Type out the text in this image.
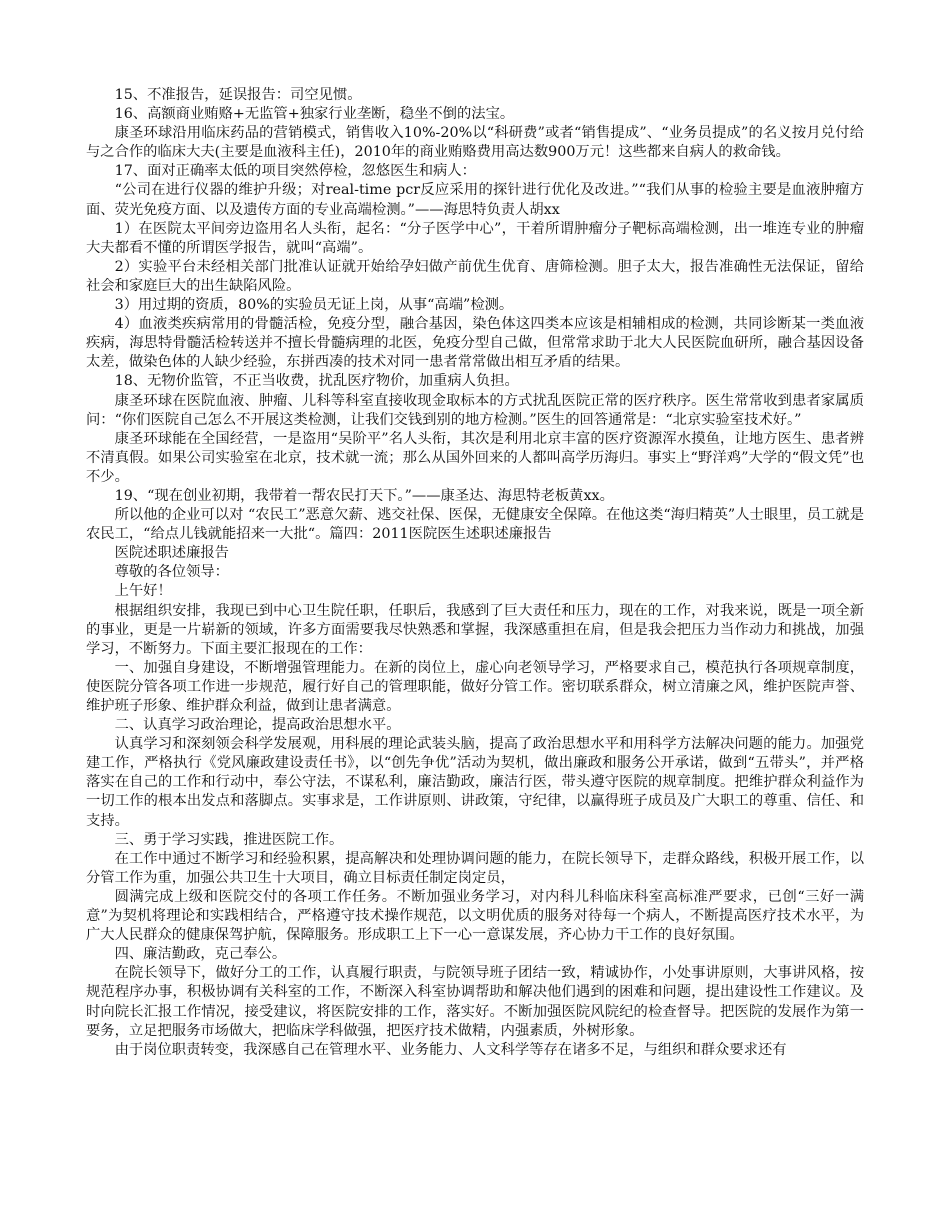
15、不准报告，延误报告：司空见惯。

16、高额商业贿赂+无监管+独家行业垄断，稳坐不倒的法宝。

康圣环球沿用临床药品的营销模式，销售收入10%-20%以“科研费”或者“销售提成”、“业务员提成”的名义按月兑付给与之合作的临床大夫(主要是血液科主任)，2010年的商业贿赂费用高达数900万元！这些都来自病人的救命钱。

17、面对正确率太低的项目突然停检，忽悠医生和病人：

“公司在进行仪器的维护升级；对real-time pcr反应采用的探针进行优化及改进。”“我们从事的检验主要是血液肿瘤方面、荧光免疫方面、以及遗传方面的专业高端检测。”——海思特负责人胡xx

1）在医院太平间旁边盗用名人头衔，起名：“分子医学中心”，干着所谓肿瘤分子靶标高端检测，出一堆连专业的肿瘤大夫都看不懂的所谓医学报告，就叫“高端”。

2）实验平台未经相关部门批准认证就开始给孕妇做产前优生优育、唐筛检测。胆子太大，报告准确性无法保证，留给社会和家庭巨大的出生缺陷风险。

3）用过期的资质，80%的实验员无证上岗，从事“高端”检测。

4）血液类疾病常用的骨髓活检，免疫分型，融合基因，染色体这四类本应该是相辅相成的检测，共同诊断某一类血液疾病，海思特骨髓活检转送并不擅长骨髓病理的北医，免疫分型自己做，但常常求助于北大人民医院血研所，融合基因设备太差，做染色体的人缺少经验，东拼西凑的技术对同一患者常常做出相互矛盾的结果。

18、无物价监管，不正当收费，扰乱医疗物价，加重病人负担。

康圣环球在医院血液、肿瘤、儿科等科室直接收现金取标本的方式扰乱医院正常的医疗秩序。医生常常收到患者家属质问：“你们医院自己怎么不开展这类检测，让我们交钱到别的地方检测。”医生的回答通常是：“北京实验室技术好。”

康圣环球能在全国经营，一是盗用“吴阶平”名人头衔，其次是利用北京丰富的医疗资源浑水摸鱼，让地方医生、患者辨不清真假。如果公司实验室在北京，技术就一流；那么从国外回来的人都叫高学历海归。事实上“野洋鸡”大学的“假文凭”也不少。

19、“现在创业初期，我带着一帮农民打天下。”——康圣达、海思特老板黄xx。

所以他的企业可以对 “农民工”恶意欠薪、逃交社保、医保，无健康安全保障。在他这类“海归精英”人士眼里，员工就是农民工，“给点儿钱就能招来一大批“。篇四：2011医院医生述职述廉报告

医院述职述廉报告

尊敬的各位领导：

上午好！

根据组织安排，我现已到中心卫生院任职，任职后，我感到了巨大责任和压力，现在的工作，对我来说，既是一项全新的事业，更是一片崭新的领域，许多方面需要我尽快熟悉和掌握，我深感重担在肩，但是我会把压力当作动力和挑战，加强学习，不断努力。下面主要汇报现在的工作：

一、加强自身建设，不断增强管理能力。在新的岗位上，虚心向老领导学习，严格要求自己，模范执行各项规章制度，使医院分管各项工作进一步规范，履行好自己的管理职能，做好分管工作。密切联系群众，树立清廉之风，维护医院声誉、维护班子形象、维护群众利益，做到让患者满意。

二、认真学习政治理论，提高政治思想水平。

认真学习和深刻领会科学发展观，用科展的理论武装头脑，提高了政治思想水平和用科学方法解决问题的能力。加强党建工作，严格执行《党风廉政建设责任书》，以“创先争优”活动为契机，做出廉政和服务公开承诺，做到“五带头”，并严格落实在自己的工作和行动中，奉公守法，不谋私利，廉洁勤政，廉洁行医，带头遵守医院的规章制度。把维护群众利益作为一切工作的根本出发点和落脚点。实事求是，工作讲原则、讲政策，守纪律，以赢得班子成员及广大职工的尊重、信任、和支持。

三、勇于学习实践，推进医院工作。

在工作中通过不断学习和经验积累，提高解决和处理协调问题的能力，在院长领导下，走群众路线，积极开展工作，以分管工作为重，加强公共卫生十大项目，确立目标责任制定岗定员，

圆满完成上级和医院交付的各项工作任务。不断加强业务学习，对内科儿科临床科室高标准严要求，已创“三好一满意”为契机将理论和实践相结合，严格遵守技术操作规范，以文明优质的服务对待每一个病人，不断提高医疗技术水平，为广大人民群众的健康保驾护航，保障服务。形成职工上下一心一意谋发展，齐心协力干工作的良好氛围。

四、廉洁勤政，克己奉公。

在院长领导下，做好分工的工作，认真履行职责，与院领导班子团结一致，精诚协作，小处事讲原则，大事讲风格，按规范程序办事，积极协调有关科室的工作，不断深入科室协调帮助和解决他们遇到的困难和问题，提出建设性工作建议。及时向院长汇报工作情况，接受建议，将医院安排的工作，落实好。不断加强医院风院纪的检查督导。把医院的发展作为第一要务，立足把服务市场做大，把临床学科做强，把医疗技术做精，内强素质，外树形象。

由于岗位职责转变，我深感自己在管理水平、业务能力、人文科学等存在诸多不足，与组织和群众要求还有
